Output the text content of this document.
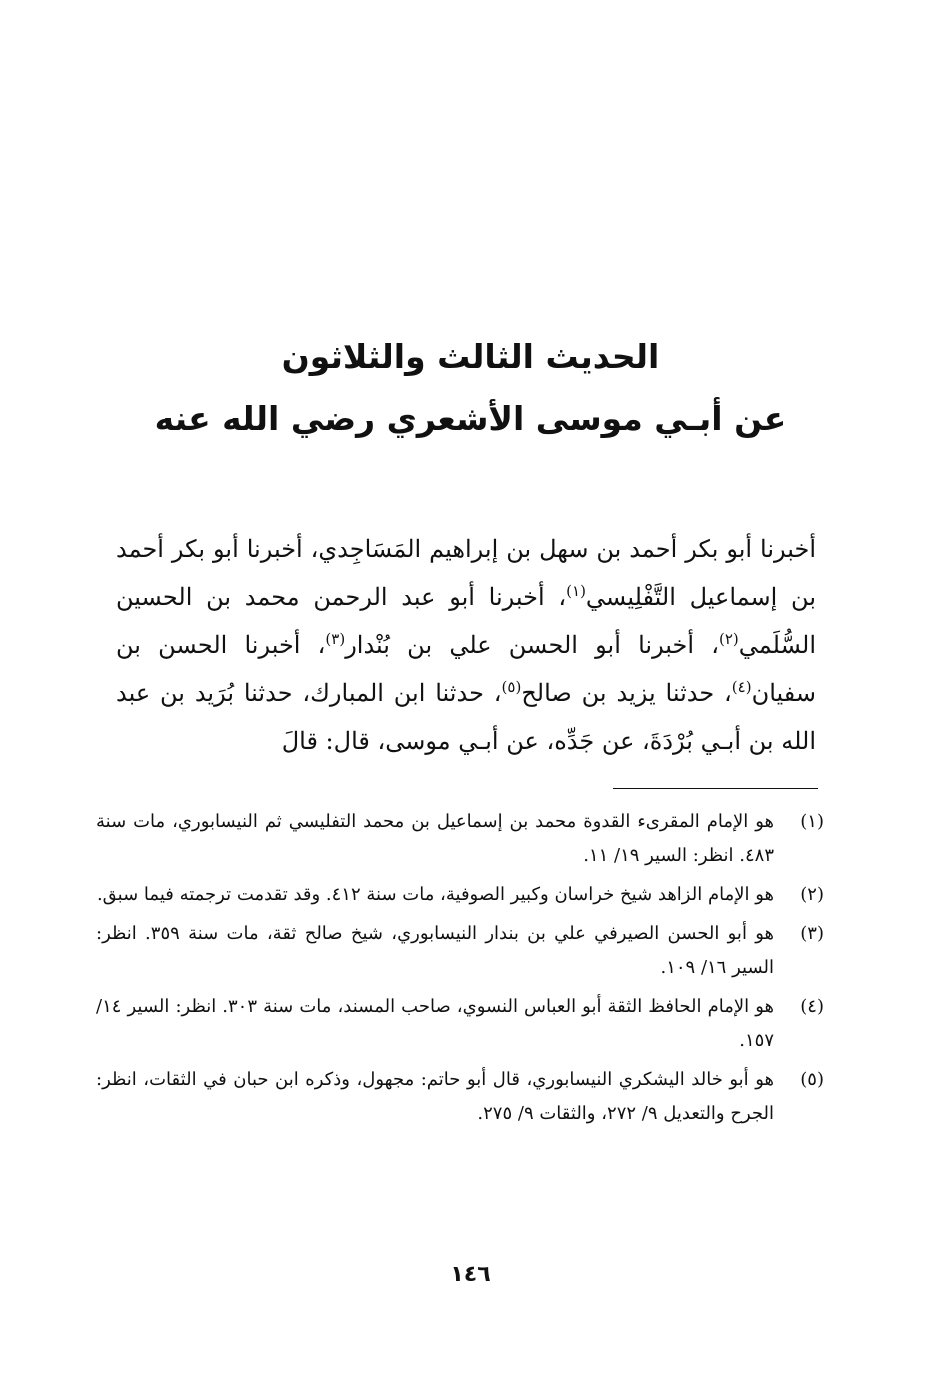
الحديث الثالث والثلاثون

عن أبـي موسى الأشعري رضي الله عنه

أخبرنا أبو بكر أحمد بن سهل بن إبراهيم المَسَاجِدي، أخبرنا أبو بكر أحمد بن إسماعيل التَّفْلِيسي$^{(١)}$، أخبرنا أبو عبد الرحمن محمد بن الحسين السُّلَمي$^{(٢)}$، أخبرنا أبو الحسن علي بن بُنْدار$^{(٣)}$، أخبرنا الحسن بن سفيان$^{(٤)}$، حدثنا يزيد بن صالح$^{(٥)}$، حدثنا ابن المبارك، حدثنا بُرَيد بن عبد الله بن أبـي بُرْدَةَ، عن جَدِّه، عن أبـي موسى، قال: قالَ

(١)
هو الإمام المقرىء القدوة محمد بن إسماعيل بن محمد التفليسي ثم النيسابوري، مات سنة ٤٨٣. انظر: السير ١٩/ ١١.
(٢)
هو الإمام الزاهد شيخ خراسان وكبير الصوفية، مات سنة ٤١٢. وقد تقدمت ترجمته فيما سبق.
(٣)
هو أبو الحسن الصيرفي علي بن بندار النيسابوري، شيخ صالح ثقة، مات سنة ٣٥٩. انظر: السير ١٦/ ١٠٩.
(٤)
هو الإمام الحافظ الثقة أبو العباس النسوي، صاحب المسند، مات سنة ٣٠٣. انظر: السير ١٤/ ١٥٧.
(٥)
هو أبو خالد اليشكري النيسابوري، قال أبو حاتم: مجهول، وذكره ابن حبان في الثقات، انظر: الجرح والتعديل ٩/ ٢٧٢، والثقات ٩/ ٢٧٥.
١٤٦
